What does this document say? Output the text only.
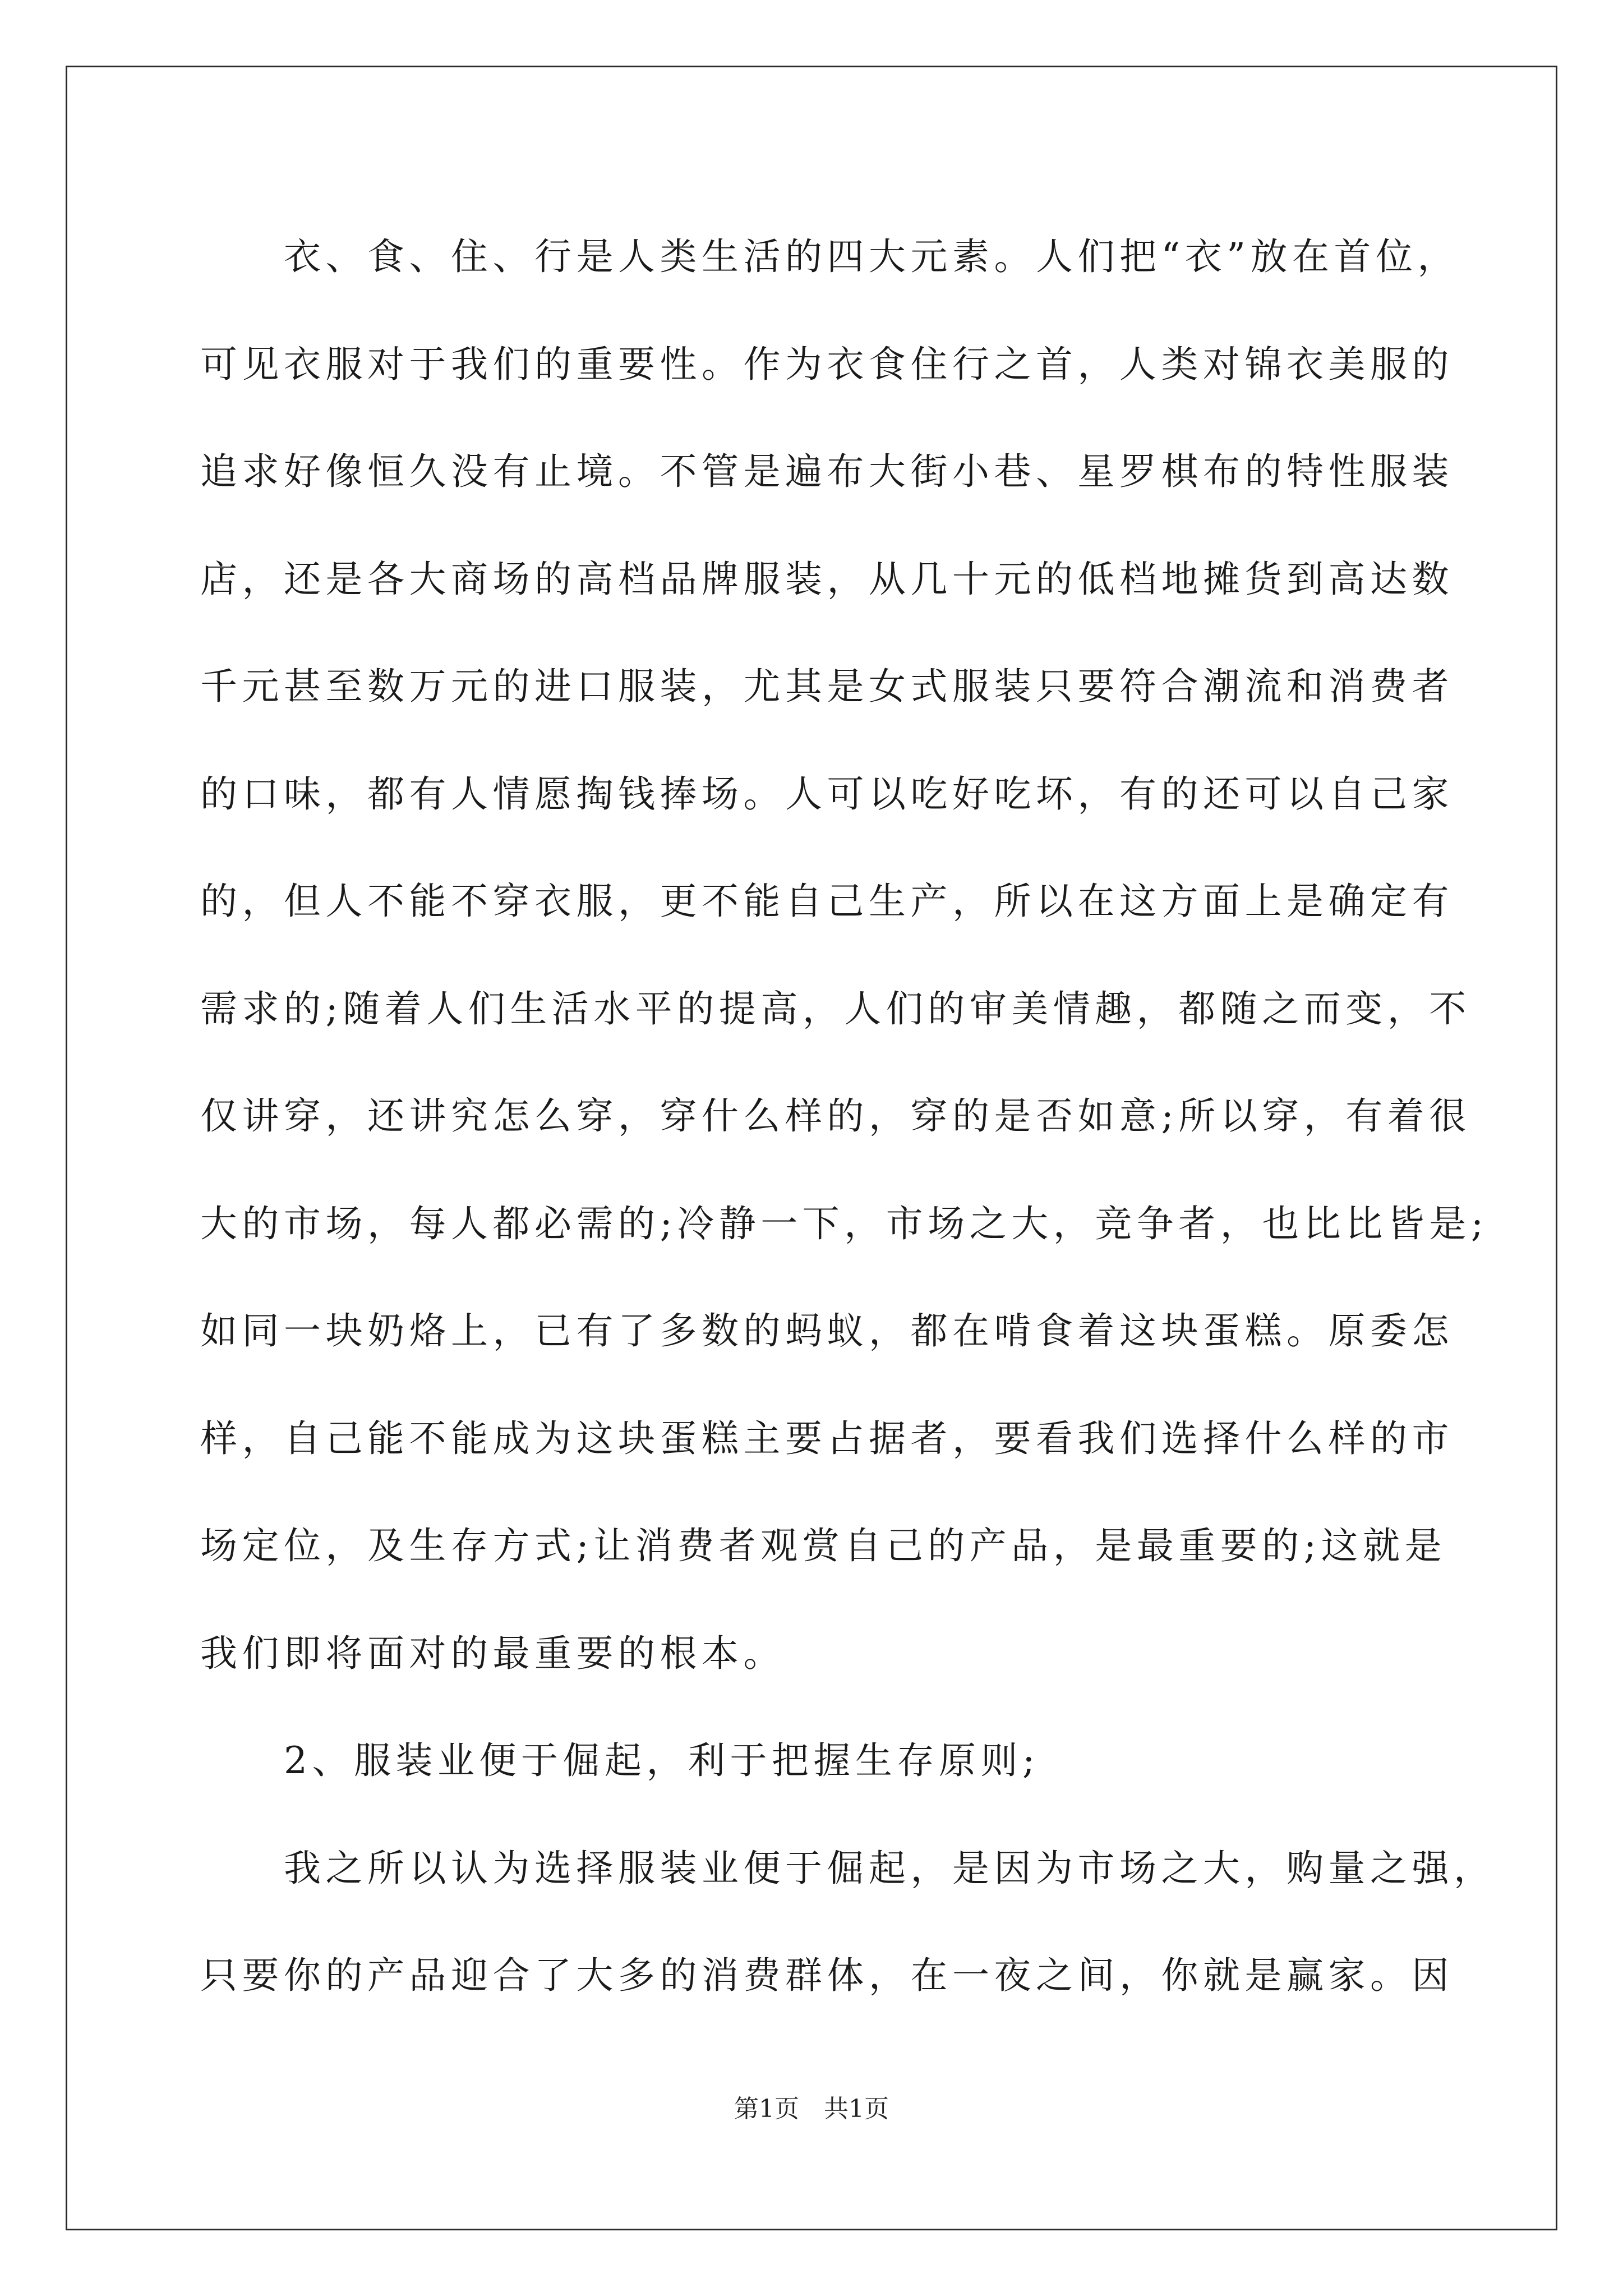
　　衣、食、住、行是人类生活的四大元素。人们把“衣”放在首位，
可见衣服对于我们的重要性。作为衣食住行之首，人类对锦衣美服的
追求好像恒久没有止境。不管是遍布大街小巷、星罗棋布的特性服装
店，还是各大商场的高档品牌服装，从几十元的低档地摊货到高达数
千元甚至数万元的进口服装，尤其是女式服装只要符合潮流和消费者
的口味，都有人情愿掏钱捧场。人可以吃好吃坏，有的还可以自己家
的，但人不能不穿衣服，更不能自己生产，所以在这方面上是确定有
需求的;随着人们生活水平的提高，人们的审美情趣，都随之而变，不
仅讲穿，还讲究怎么穿，穿什么样的，穿的是否如意;所以穿，有着很
大的市场，每人都必需的;冷静一下，市场之大，竞争者，也比比皆是;
如同一块奶烙上，已有了多数的蚂蚁，都在啃食着这块蛋糕。原委怎
样，自己能不能成为这块蛋糕主要占据者，要看我们选择什么样的市
场定位，及生存方式;让消费者观赏自己的产品，是最重要的;这就是
我们即将面对的最重要的根本。
　　2、服装业便于倔起，利于把握生存原则;
　　我之所以认为选择服装业便于倔起，是因为市场之大，购量之强，
只要你的产品迎合了大多的消费群体，在一夜之间，你就是赢家。因
第1页　共1页
